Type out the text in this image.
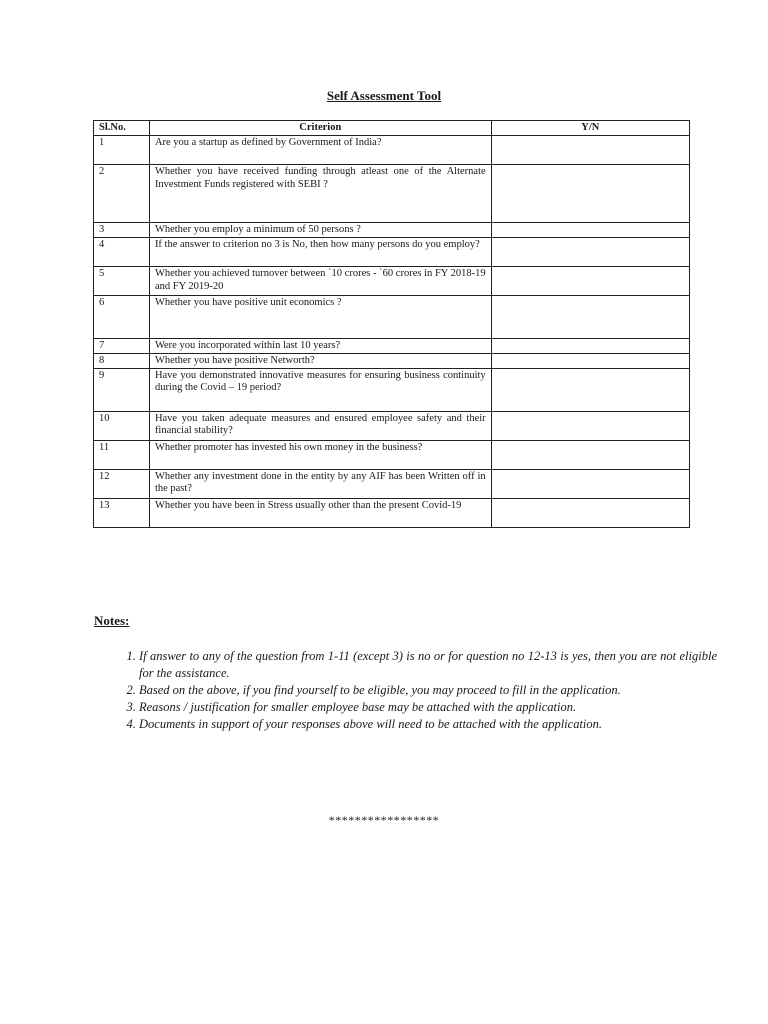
Self Assessment Tool
Sl.No.	Criterion	Y/N
1	Are you a startup as defined by Government of India?	
2	Whether you have received funding through atleast one of the Alternate Investment Funds registered with SEBI ?	
3	Whether you employ a minimum of 50 persons ?	
4	If the answer to criterion no 3 is No, then how many persons do you employ?	
5	Whether you achieved turnover between `10 crores - `60 crores in FY 2018-19 and FY 2019-20	
6	Whether you have positive unit economics ?	
7	Were you incorporated within last 10 years?	
8	Whether you have positive Networth?	
9	Have you demonstrated innovative measures for ensuring business continuity during the Covid – 19 period?	
10	Have you taken adequate measures and ensured employee safety and their financial stability?	
11	Whether promoter has invested his own money in the business?	
12	Whether any investment done in the entity by any AIF has been Written off in the past?	
13	Whether you have been in Stress usually other than the present Covid-19	
Notes:
1. If answer to any of the question from 1-11 (except 3) is no or for question no 12-13 is yes, then you are not eligible for the assistance.
2. Based on the above, if you find yourself to be eligible, you may proceed to fill in the application.
3. Reasons / justification for smaller employee base may be attached with the application.
4. Documents in support of your responses above will need to be attached with the application.
*****************
